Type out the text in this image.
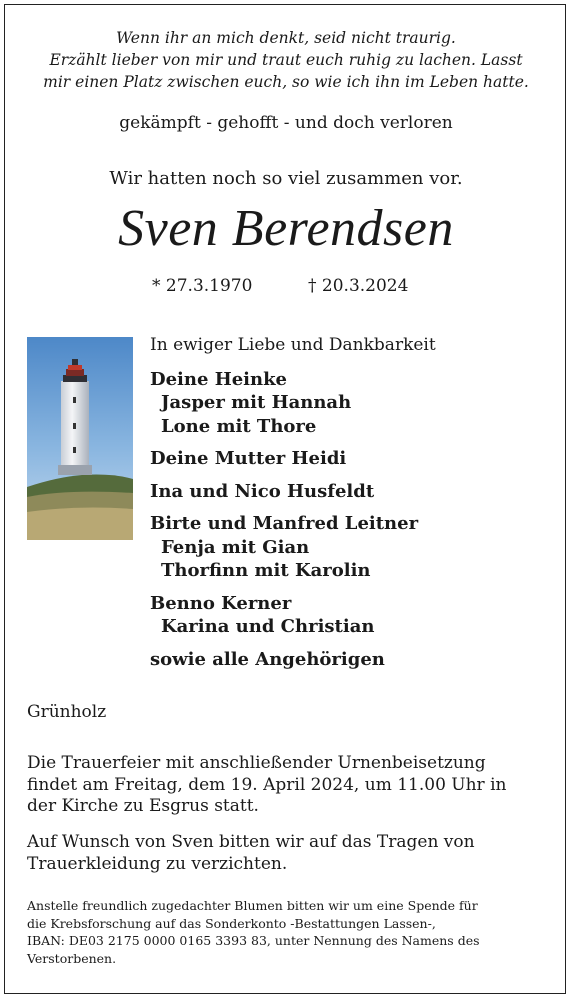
Wenn ihr an mich denkt, seid nicht traurig.
Erzählt lieber von mir und traut euch ruhig zu lachen. Lasst
mir einen Platz zwischen euch, so wie ich ihn im Leben hatte.
gekämpft - gehofft - und doch verloren
Wir hatten noch so viel zusammen vor.
Sven Berendsen
* 27.3.1970	† 20.3.2024
In ewiger Liebe und Dankbarkeit
Deine Heinke
Jasper mit Hannah
Lone mit Thore
Deine Mutter Heidi
Ina und Nico Husfeldt
Birte und Manfred Leitner
Fenja mit Gian
Thorfinn mit Karolin
Benno Kerner
Karina und Christian
sowie alle Angehörigen
Grünholz
Die Trauerfeier mit anschließender Urnenbeisetzung
findet am Freitag, dem 19. April 2024, um 11.00 Uhr in
der Kirche zu Esgrus statt.
Auf Wunsch von Sven bitten wir auf das Tragen von
Trauerkleidung zu verzichten.
Anstelle freundlich zugedachter Blumen bitten wir um eine Spende für
die Krebsforschung auf das Sonderkonto -Bestattungen Lassen-,
IBAN: DE03 2175 0000 0165 3393 83, unter Nennung des Namens des
Verstorbenen.
